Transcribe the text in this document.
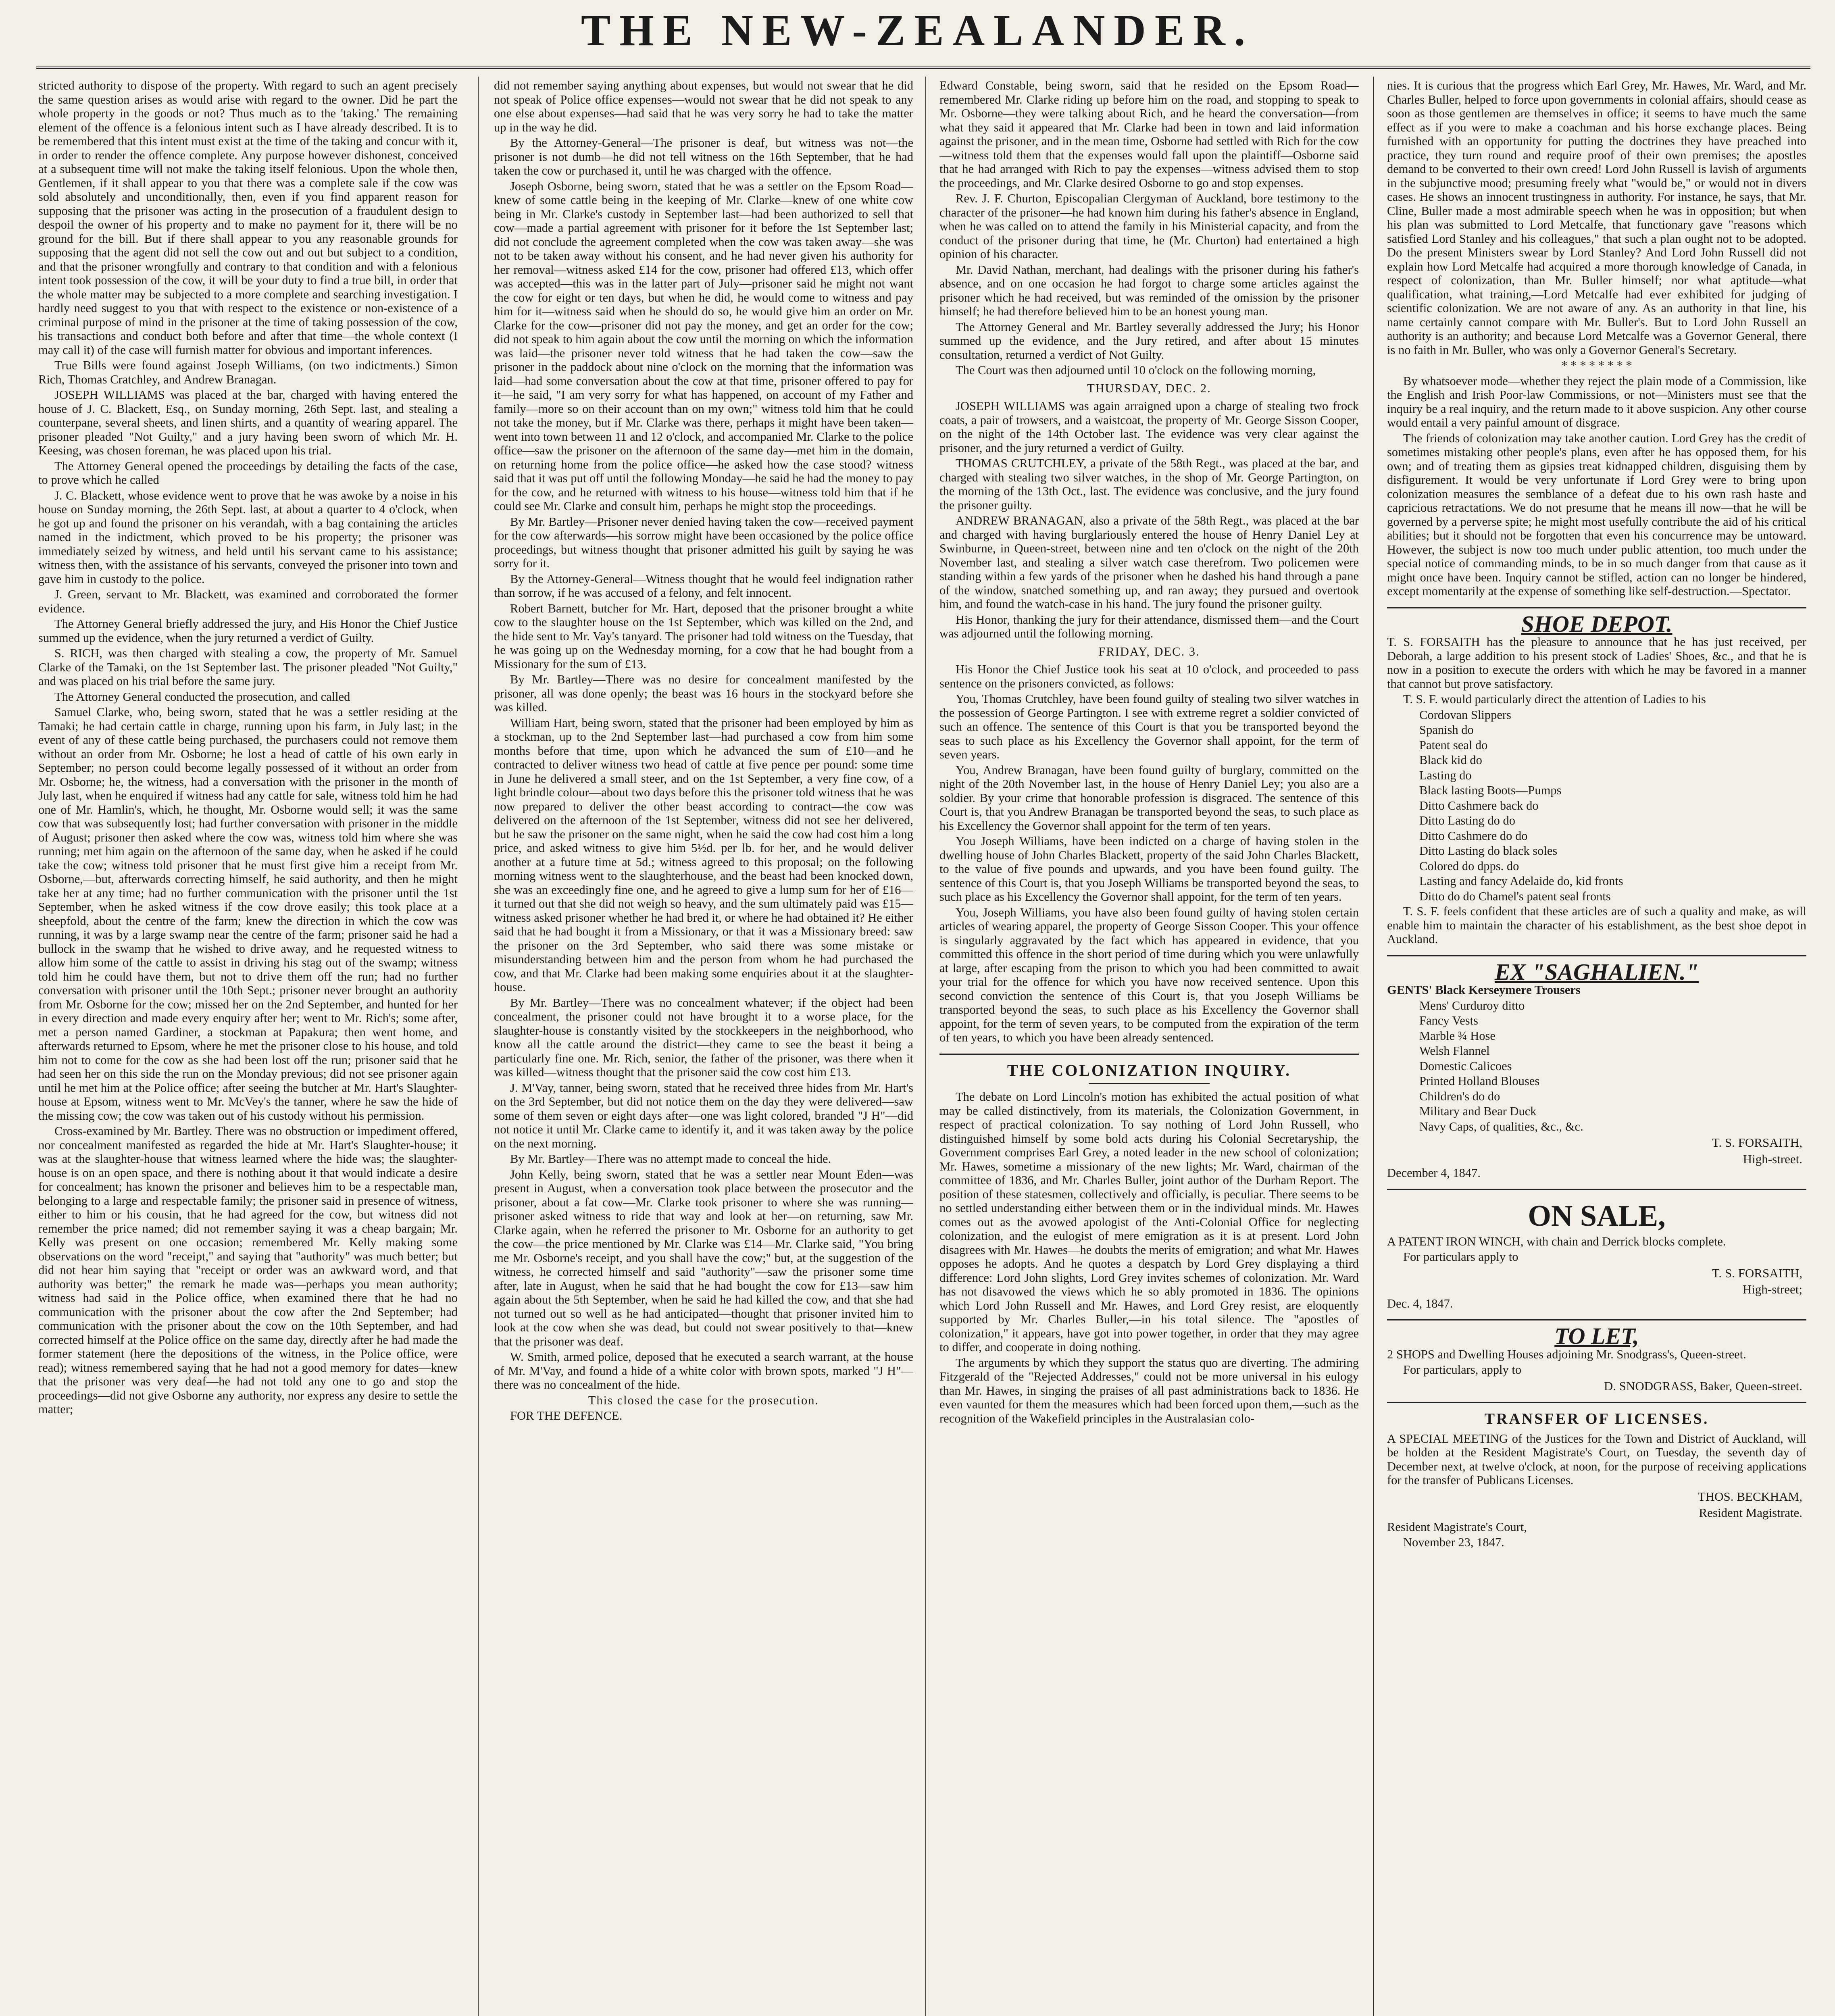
THE NEW-ZEALANDER.

stricted authority to dispose of the property. With regard to such an agent precisely the same question arises as would arise with regard to the owner. Did he part the whole property in the goods or not? Thus much as to the 'taking.' The remaining element of the offence is a felonious intent such as I have already described. It is to be remembered that this intent must exist at the time of the taking and concur with it, in order to render the offence complete. Any purpose however dishonest, conceived at a subsequent time will not make the taking itself felonious. Upon the whole then, Gentlemen, if it shall appear to you that there was a complete sale if the cow was sold absolutely and unconditionally, then, even if you find apparent reason for supposing that the prisoner was acting in the prosecution of a fraudulent design to despoil the owner of his property and to make no payment for it, there will be no ground for the bill. But if there shall appear to you any reasonable grounds for supposing that the agent did not sell the cow out and out but subject to a condition, and that the prisoner wrongfully and contrary to that condition and with a felonious intent took possession of the cow, it will be your duty to find a true bill, in order that the whole matter may be subjected to a more complete and searching investigation. I hardly need suggest to you that with respect to the existence or non-existence of a criminal purpose of mind in the prisoner at the time of taking possession of the cow, his transactions and conduct both before and after that time—the whole context (I may call it) of the case will furnish matter for obvious and important inferences.

True Bills were found against Joseph Williams, (on two indictments.) Simon Rich, Thomas Cratchley, and Andrew Branagan.

JOSEPH WILLIAMS was placed at the bar, charged with having entered the house of J. C. Blackett, Esq., on Sunday morning, 26th Sept. last, and stealing a counterpane, several sheets, and linen shirts, and a quantity of wearing apparel. The prisoner pleaded "Not Guilty," and a jury having been sworn of which Mr. H. Keesing, was chosen foreman, he was placed upon his trial.

The Attorney General opened the proceedings by detailing the facts of the case, to prove which he called

J. C. Blackett, whose evidence went to prove that he was awoke by a noise in his house on Sunday morning, the 26th Sept. last, at about a quarter to 4 o'clock, when he got up and found the prisoner on his verandah, with a bag containing the articles named in the indictment, which proved to be his property; the prisoner was immediately seized by witness, and held until his servant came to his assistance; witness then, with the assistance of his servants, conveyed the prisoner into town and gave him in custody to the police.

J. Green, servant to Mr. Blackett, was examined and corroborated the former evidence.

The Attorney General briefly addressed the jury, and His Honor the Chief Justice summed up the evidence, when the jury returned a verdict of Guilty.

S. RICH, was then charged with stealing a cow, the property of Mr. Samuel Clarke of the Tamaki, on the 1st September last. The prisoner pleaded "Not Guilty," and was placed on his trial before the same jury.

The Attorney General conducted the prosecution, and called

Samuel Clarke, who, being sworn, stated that he was a settler residing at the Tamaki; he had certain cattle in charge, running upon his farm, in July last; in the event of any of these cattle being purchased, the purchasers could not remove them without an order from Mr. Osborne; he lost a head of cattle of his own early in September; no person could become legally possessed of it without an order from Mr. Osborne; he, the witness, had a conversation with the prisoner in the month of July last, when he enquired if witness had any cattle for sale, witness told him he had one of Mr. Hamlin's, which, he thought, Mr. Osborne would sell; it was the same cow that was subsequently lost; had further conversation with prisoner in the middle of August; prisoner then asked where the cow was, witness told him where she was running; met him again on the afternoon of the same day, when he asked if he could take the cow; witness told prisoner that he must first give him a receipt from Mr. Osborne,—but, afterwards correcting himself, he said authority, and then he might take her at any time; had no further communication with the prisoner until the 1st September, when he asked witness if the cow drove easily; this took place at a sheepfold, about the centre of the farm; knew the direction in which the cow was running, it was by a large swamp near the centre of the farm; prisoner said he had a bullock in the swamp that he wished to drive away, and he requested witness to allow him some of the cattle to assist in driving his stag out of the swamp; witness told him he could have them, but not to drive them off the run; had no further conversation with prisoner until the 10th Sept.; prisoner never brought an authority from Mr. Osborne for the cow; missed her on the 2nd September, and hunted for her in every direction and made every enquiry after her; went to Mr. Rich's; some after, met a person named Gardiner, a stockman at Papakura; then went home, and afterwards returned to Epsom, where he met the prisoner close to his house, and told him not to come for the cow as she had been lost off the run; prisoner said that he had seen her on this side the run on the Monday previous; did not see prisoner again until he met him at the Police office; after seeing the butcher at Mr. Hart's Slaughter-house at Epsom, witness went to Mr. McVey's the tanner, where he saw the hide of the missing cow; the cow was taken out of his custody without his permission.

Cross-examined by Mr. Bartley. There was no obstruction or impediment offered, nor concealment manifested as regarded the hide at Mr. Hart's Slaughter-house; it was at the slaughter-house that witness learned where the hide was; the slaughter-house is on an open space, and there is nothing about it that would indicate a desire for concealment; has known the prisoner and believes him to be a respectable man, belonging to a large and respectable family; the prisoner said in presence of witness, either to him or his cousin, that he had agreed for the cow, but witness did not remember the price named; did not remember saying it was a cheap bargain; Mr. Kelly was present on one occasion; remembered Mr. Kelly making some observations on the word "receipt," and saying that "authority" was much better; but did not hear him saying that "receipt or order was an awkward word, and that authority was better;" the remark he made was—perhaps you mean authority; witness had said in the Police office, when examined there that he had no communication with the prisoner about the cow after the 2nd September; had communication with the prisoner about the cow on the 10th September, and had corrected himself at the Police office on the same day, directly after he had made the former statement (here the depositions of the witness, in the Police office, were read); witness remembered saying that he had not a good memory for dates—knew that the prisoner was very deaf—he had not told any one to go and stop the proceedings—did not give Osborne any authority, nor express any desire to settle the matter;

did not remember saying anything about expenses, but would not swear that he did not speak of Police office expenses—would not swear that he did not speak to any one else about expenses—had said that he was very sorry he had to take the matter up in the way he did.

By the Attorney-General—The prisoner is deaf, but witness was not—the prisoner is not dumb—he did not tell witness on the 16th September, that he had taken the cow or purchased it, until he was charged with the offence.

Joseph Osborne, being sworn, stated that he was a settler on the Epsom Road—knew of some cattle being in the keeping of Mr. Clarke—knew of one white cow being in Mr. Clarke's custody in September last—had been authorized to sell that cow—made a partial agreement with prisoner for it before the 1st September last; did not conclude the agreement completed when the cow was taken away—she was not to be taken away without his consent, and he had never given his authority for her removal—witness asked £14 for the cow, prisoner had offered £13, which offer was accepted—this was in the latter part of July—prisoner said he might not want the cow for eight or ten days, but when he did, he would come to witness and pay him for it—witness said when he should do so, he would give him an order on Mr. Clarke for the cow—prisoner did not pay the money, and get an order for the cow; did not speak to him again about the cow until the morning on which the information was laid—the prisoner never told witness that he had taken the cow—saw the prisoner in the paddock about nine o'clock on the morning that the information was laid—had some conversation about the cow at that time, prisoner offered to pay for it—he said, "I am very sorry for what has happened, on account of my Father and family—more so on their account than on my own;" witness told him that he could not take the money, but if Mr. Clarke was there, perhaps it might have been taken—went into town between 11 and 12 o'clock, and accompanied Mr. Clarke to the police office—saw the prisoner on the afternoon of the same day—met him in the domain, on returning home from the police office—he asked how the case stood? witness said that it was put off until the following Monday—he said he had the money to pay for the cow, and he returned with witness to his house—witness told him that if he could see Mr. Clarke and consult him, perhaps he might stop the proceedings.

By Mr. Bartley—Prisoner never denied having taken the cow—received payment for the cow afterwards—his sorrow might have been occasioned by the police office proceedings, but witness thought that prisoner admitted his guilt by saying he was sorry for it.

By the Attorney-General—Witness thought that he would feel indignation rather than sorrow, if he was accused of a felony, and felt innocent.

Robert Barnett, butcher for Mr. Hart, deposed that the prisoner brought a white cow to the slaughter house on the 1st September, which was killed on the 2nd, and the hide sent to Mr. Vay's tanyard. The prisoner had told witness on the Tuesday, that he was going up on the Wednesday morning, for a cow that he had bought from a Missionary for the sum of £13.

By Mr. Bartley—There was no desire for concealment manifested by the prisoner, all was done openly; the beast was 16 hours in the stockyard before she was killed.

William Hart, being sworn, stated that the prisoner had been employed by him as a stockman, up to the 2nd September last—had purchased a cow from him some months before that time, upon which he advanced the sum of £10—and he contracted to deliver witness two head of cattle at five pence per pound: some time in June he delivered a small steer, and on the 1st September, a very fine cow, of a light brindle colour—about two days before this the prisoner told witness that he was now prepared to deliver the other beast according to contract—the cow was delivered on the afternoon of the 1st September, witness did not see her delivered, but he saw the prisoner on the same night, when he said the cow had cost him a long price, and asked witness to give him 5½d. per lb. for her, and he would deliver another at a future time at 5d.; witness agreed to this proposal; on the following morning witness went to the slaughterhouse, and the beast had been knocked down, she was an exceedingly fine one, and he agreed to give a lump sum for her of £16—it turned out that she did not weigh so heavy, and the sum ultimately paid was £15—witness asked prisoner whether he had bred it, or where he had obtained it? He either said that he had bought it from a Missionary, or that it was a Missionary breed: saw the prisoner on the 3rd September, who said there was some mistake or misunderstanding between him and the person from whom he had purchased the cow, and that Mr. Clarke had been making some enquiries about it at the slaughter-house.

By Mr. Bartley—There was no concealment whatever; if the object had been concealment, the prisoner could not have brought it to a worse place, for the slaughter-house is constantly visited by the stockkeepers in the neighborhood, who know all the cattle around the district—they came to see the beast it being a particularly fine one. Mr. Rich, senior, the father of the prisoner, was there when it was killed—witness thought that the prisoner said the cow cost him £13.

J. M'Vay, tanner, being sworn, stated that he received three hides from Mr. Hart's on the 3rd September, but did not notice them on the day they were delivered—saw some of them seven or eight days after—one was light colored, branded "J H"—did not notice it until Mr. Clarke came to identify it, and it was taken away by the police on the next morning.

By Mr. Bartley—There was no attempt made to conceal the hide.

John Kelly, being sworn, stated that he was a settler near Mount Eden—was present in August, when a conversation took place between the prosecutor and the prisoner, about a fat cow—Mr. Clarke took prisoner to where she was running—prisoner asked witness to ride that way and look at her—on returning, saw Mr. Clarke again, when he referred the prisoner to Mr. Osborne for an authority to get the cow—the price mentioned by Mr. Clarke was £14—Mr. Clarke said, "You bring me Mr. Osborne's receipt, and you shall have the cow;" but, at the suggestion of the witness, he corrected himself and said "authority"—saw the prisoner some time after, late in August, when he said that he had bought the cow for £13—saw him again about the 5th September, when he said he had killed the cow, and that she had not turned out so well as he had anticipated—thought that prisoner invited him to look at the cow when she was dead, but could not swear positively to that—knew that the prisoner was deaf.

W. Smith, armed police, deposed that he executed a search warrant, at the house of Mr. M'Vay, and found a hide of a white color with brown spots, marked "J H"—there was no concealment of the hide.

This closed the case for the prosecution.

FOR THE DEFENCE.

Edward Constable, being sworn, said that he resided on the Epsom Road—remembered Mr. Clarke riding up before him on the road, and stopping to speak to Mr. Osborne—they were talking about Rich, and he heard the conversation—from what they said it appeared that Mr. Clarke had been in town and laid information against the prisoner, and in the mean time, Osborne had settled with Rich for the cow—witness told them that the expenses would fall upon the plaintiff—Osborne said that he had arranged with Rich to pay the expenses—witness advised them to stop the proceedings, and Mr. Clarke desired Osborne to go and stop expenses.

Rev. J. F. Churton, Episcopalian Clergyman of Auckland, bore testimony to the character of the prisoner—he had known him during his father's absence in England, when he was called on to attend the family in his Ministerial capacity, and from the conduct of the prisoner during that time, he (Mr. Churton) had entertained a high opinion of his character.

Mr. David Nathan, merchant, had dealings with the prisoner during his father's absence, and on one occasion he had forgot to charge some articles against the prisoner which he had received, but was reminded of the omission by the prisoner himself; he had therefore believed him to be an honest young man.

The Attorney General and Mr. Bartley severally addressed the Jury; his Honor summed up the evidence, and the Jury retired, and after about 15 minutes consultation, returned a verdict of Not Guilty.

The Court was then adjourned until 10 o'clock on the following morning,

THURSDAY, DEC. 2.

JOSEPH WILLIAMS was again arraigned upon a charge of stealing two frock coats, a pair of trowsers, and a waistcoat, the property of Mr. George Sisson Cooper, on the night of the 14th October last. The evidence was very clear against the prisoner, and the jury returned a verdict of Guilty.

THOMAS CRUTCHLEY, a private of the 58th Regt., was placed at the bar, and charged with stealing two silver watches, in the shop of Mr. George Partington, on the morning of the 13th Oct., last. The evidence was conclusive, and the jury found the prisoner guilty.

ANDREW BRANAGAN, also a private of the 58th Regt., was placed at the bar and charged with having burglariously entered the house of Henry Daniel Ley at Swinburne, in Queen-street, between nine and ten o'clock on the night of the 20th November last, and stealing a silver watch case therefrom. Two policemen were standing within a few yards of the prisoner when he dashed his hand through a pane of the window, snatched something up, and ran away; they pursued and overtook him, and found the watch-case in his hand. The jury found the prisoner guilty.

His Honor, thanking the jury for their attendance, dismissed them—and the Court was adjourned until the following morning.

FRIDAY, DEC. 3.

His Honor the Chief Justice took his seat at 10 o'clock, and proceeded to pass sentence on the prisoners convicted, as follows:

You, Thomas Crutchley, have been found guilty of stealing two silver watches in the possession of George Partington. I see with extreme regret a soldier convicted of such an offence. The sentence of this Court is that you be transported beyond the seas to such place as his Excellency the Governor shall appoint, for the term of seven years.

You, Andrew Branagan, have been found guilty of burglary, committed on the night of the 20th November last, in the house of Henry Daniel Ley; you also are a soldier. By your crime that honorable profession is disgraced. The sentence of this Court is, that you Andrew Branagan be transported beyond the seas, to such place as his Excellency the Governor shall appoint for the term of ten years.

You Joseph Williams, have been indicted on a charge of having stolen in the dwelling house of John Charles Blackett, property of the said John Charles Blackett, to the value of five pounds and upwards, and you have been found guilty. The sentence of this Court is, that you Joseph Williams be transported beyond the seas, to such place as his Excellency the Governor shall appoint, for the term of ten years.

You, Joseph Williams, you have also been found guilty of having stolen certain articles of wearing apparel, the property of George Sisson Cooper. This your offence is singularly aggravated by the fact which has appeared in evidence, that you committed this offence in the short period of time during which you were unlawfully at large, after escaping from the prison to which you had been committed to await your trial for the offence for which you have now received sentence. Upon this second conviction the sentence of this Court is, that you Joseph Williams be transported beyond the seas, to such place as his Excellency the Governor shall appoint, for the term of seven years, to be computed from the expiration of the term of ten years, to which you have been already sentenced.

THE COLONIZATION INQUIRY.

The debate on Lord Lincoln's motion has exhibited the actual position of what may be called distinctively, from its materials, the Colonization Government, in respect of practical colonization. To say nothing of Lord John Russell, who distinguished himself by some bold acts during his Colonial Secretaryship, the Government comprises Earl Grey, a noted leader in the new school of colonization; Mr. Hawes, sometime a missionary of the new lights; Mr. Ward, chairman of the committee of 1836, and Mr. Charles Buller, joint author of the Durham Report. The position of these statesmen, collectively and officially, is peculiar. There seems to be no settled understanding either between them or in the individual minds. Mr. Hawes comes out as the avowed apologist of the Anti-Colonial Office for neglecting colonization, and the eulogist of mere emigration as it is at present. Lord John disagrees with Mr. Hawes—he doubts the merits of emigration; and what Mr. Hawes opposes he adopts. And he quotes a despatch by Lord Grey displaying a third difference: Lord John slights, Lord Grey invites schemes of colonization. Mr. Ward has not disavowed the views which he so ably promoted in 1836. The opinions which Lord John Russell and Mr. Hawes, and Lord Grey resist, are eloquently supported by Mr. Charles Buller,—in his total silence. The "apostles of colonization," it appears, have got into power together, in order that they may agree to differ, and cooperate in doing nothing.

The arguments by which they support the status quo are diverting. The admiring Fitzgerald of the "Rejected Addresses," could not be more universal in his eulogy than Mr. Hawes, in singing the praises of all past administrations back to 1836. He even vaunted for them the measures which had been forced upon them,—such as the recognition of the Wakefield principles in the Australasian colo-

nies. It is curious that the progress which Earl Grey, Mr. Hawes, Mr. Ward, and Mr. Charles Buller, helped to force upon governments in colonial affairs, should cease as soon as those gentlemen are themselves in office; it seems to have much the same effect as if you were to make a coachman and his horse exchange places. Being furnished with an opportunity for putting the doctrines they have preached into practice, they turn round and require proof of their own premises; the apostles demand to be converted to their own creed! Lord John Russell is lavish of arguments in the subjunctive mood; presuming freely what "would be," or would not in divers cases. He shows an innocent trustingness in authority. For instance, he says, that Mr. Cline, Buller made a most admirable speech when he was in opposition; but when his plan was submitted to Lord Metcalfe, that functionary gave "reasons which satisfied Lord Stanley and his colleagues," that such a plan ought not to be adopted. Do the present Ministers swear by Lord Stanley? And Lord John Russell did not explain how Lord Metcalfe had acquired a more thorough knowledge of Canada, in respect of colonization, than Mr. Buller himself; nor what aptitude—what qualification, what training,—Lord Metcalfe had ever exhibited for judging of scientific colonization. We are not aware of any. As an authority in that line, his name certainly cannot compare with Mr. Buller's. But to Lord John Russell an authority is an authority; and because Lord Metcalfe was a Governor General, there is no faith in Mr. Buller, who was only a Governor General's Secretary.

* * * * * * * *

By whatsoever mode—whether they reject the plain mode of a Commission, like the English and Irish Poor-law Commissions, or not—Ministers must see that the inquiry be a real inquiry, and the return made to it above suspicion. Any other course would entail a very painful amount of disgrace.

The friends of colonization may take another caution. Lord Grey has the credit of sometimes mistaking other people's plans, even after he has opposed them, for his own; and of treating them as gipsies treat kidnapped children, disguising them by disfigurement. It would be very unfortunate if Lord Grey were to bring upon colonization measures the semblance of a defeat due to his own rash haste and capricious retractations. We do not presume that he means ill now—that he will be governed by a perverse spite; he might most usefully contribute the aid of his critical abilities; but it should not be forgotten that even his concurrence may be untoward. However, the subject is now too much under public attention, too much under the special notice of commanding minds, to be in so much danger from that cause as it might once have been. Inquiry cannot be stifled, action can no longer be hindered, except momentarily at the expense of something like self-destruction.—Spectator.

SHOE DEPOT.

T. S. FORSAITH has the pleasure to announce that he has just received, per Deborah, a large addition to his present stock of Ladies' Shoes, &c., and that he is now in a position to execute the orders with which he may be favored in a manner that cannot but prove satisfactory.

T. S. F. would particularly direct the attention of Ladies to his

Cordovan Slippers
Spanish do
Patent seal do
Black kid do
Lasting do
Black lasting Boots—Pumps
Ditto Cashmere back do
Ditto Lasting do do
Ditto Cashmere do do
Ditto Lasting do black soles
Colored do dpps. do
Lasting and fancy Adelaide do, kid fronts
Ditto do do Chamel's patent seal fronts

T. S. F. feels confident that these articles are of such a quality and make, as will enable him to maintain the character of his establishment, as the best shoe depot in Auckland.

EX "SAGHALIEN."

GENTS' Black Kerseymere Trousers

Mens' Curduroy ditto
Fancy Vests
Marble ¾ Hose
Welsh Flannel
Domestic Calicoes
Printed Holland Blouses
Children's do do
Military and Bear Duck
Navy Caps, of qualities, &c., &c.
T. S. FORSAITH,
High-street.

December 4, 1847.

ON SALE,

A PATENT IRON WINCH, with chain and Derrick blocks complete.

For particulars apply to

T. S. FORSAITH,
High-street;

Dec. 4, 1847.

TO LET,

2 SHOPS and Dwelling Houses adjoining Mr. Snodgrass's, Queen-street.

For particulars, apply to

D. SNODGRASS, Baker, Queen-street.
TRANSFER OF LICENSES.

A SPECIAL MEETING of the Justices for the Town and District of Auckland, will be holden at the Resident Magistrate's Court, on Tuesday, the seventh day of December next, at twelve o'clock, at noon, for the purpose of receiving applications for the transfer of Publicans Licenses.

THOS. BECKHAM,
Resident Magistrate.

Resident Magistrate's Court,

November 23, 1847.
